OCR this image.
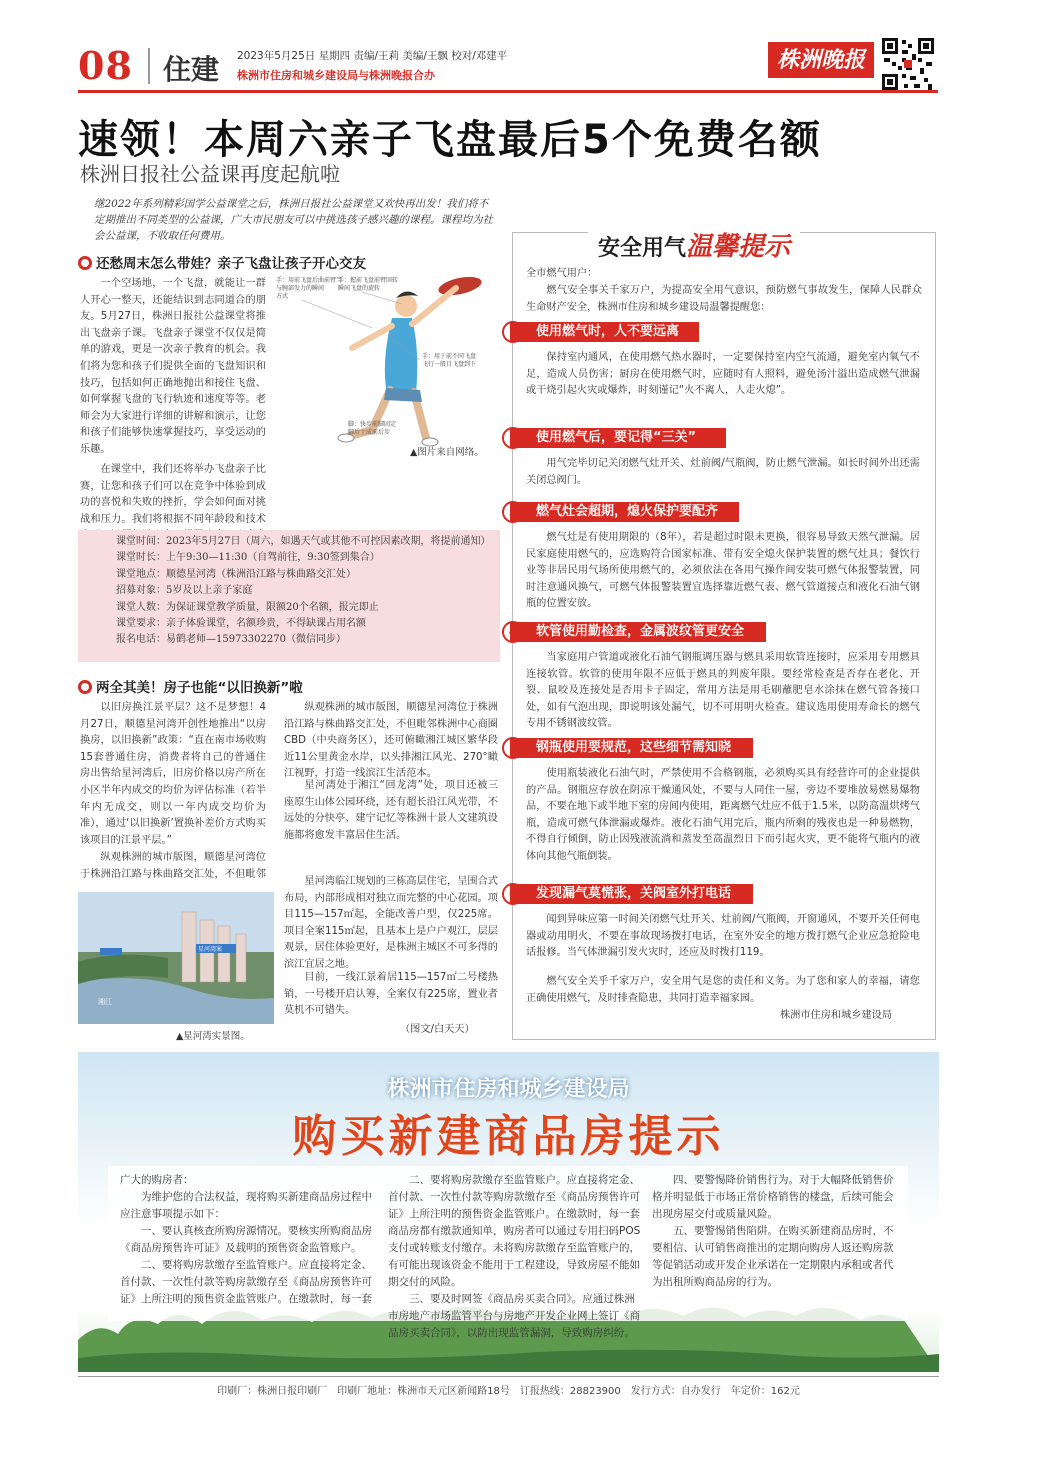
08 住建 2023年5月25日 星期四 责编/王莉 美编/王飘 校对/邓建平
株洲市住房和城乡建设局与株洲晚报合办
株洲晚报
速领！本周六亲子飞盘最后5个免费名额
株洲日报社公益课再度起航啦
继2022年系列精彩国学公益课堂之后，株洲日报社公益课堂又欢快再出发！我们将不定期推出不同类型的公益课，广大市民朋友可以中挑选孩子感兴趣的课程。课程均为社会公益课，不收取任何费用。
还愁周末怎么带娃？亲子飞盘让孩子开心交友
一个空场地，一个飞盘，就能让一群人开心一整天，还能结识到志同道合的朋友。5月27日，株洲日报社公益课堂将推出飞盘亲子课。飞盘亲子课堂不仅仅是简单的游戏，更是一次亲子教育的机会。我们将为您和孩子们提供全面的飞盘知识和技巧，包括如何正确地抛出和接住飞盘、如何掌握飞盘的飞行轨迹和速度等等。老师会为大家进行详细的讲解和演示，让您和孩子们能够快速掌握技巧，享受运动的乐趣。
在课堂中，我们还将举办飞盘亲子比赛，让您和孩子们可以在竞争中体验到成功的喜悦和失败的挫折，学会如何面对挑战和压力。我们将根据不同年龄段和技术
手：用前飞盘后曲前臂当
与腕部发力的瞬间
方式
手：握前飞盘前臂回转
瞬间飞盘的旋转
手：用于前不同飞盘
飞行一般目飞盘到下
脚：快步前脚固定
脚后士成前后步
▲图片来自网络。

课堂时间：2023年5月27日（周六，如遇天气或其他不可控因素改期，将提前通知）

课堂时长：上午9:30—11:30（自驾前往，9:30签到集合）

课堂地点：顺德星河湾（株洲沿江路与株曲路交汇处）

招募对象：5岁及以上亲子家庭

课堂人数：为保证课堂教学质量，限额20个名额，报完即止

课堂要求：亲子体验课堂，名额珍贵，不得缺课占用名额

报名电话：易鹤老师—15973302270（微信同步）

两全其美！房子也能“以旧换新”啦
以旧房换江景平层？这不是梦想！4月27日，顺德星河湾开创性地推出“以房换房，以旧换新”政策：“直在南市场收购15套普通住房，消费者将自己的普通住房出售给星河湾后，旧房价格以房产所在小区半年内成交的均价为评估标准（若半年内无成交，则以一年内成交均价为准），通过‘以旧换新’置换补差价方式购买该项目的江景平层。”
纵观株洲的城市版图，顺德星河湾位于株洲沿江路与株曲路交汇处，不但毗邻
纵观株洲的城市版图，顺德星河湾位于株洲沿江路与株曲路交汇处，不但毗邻株洲中心商圈CBD（中央商务区），还可俯瞰湘江城区繁华段近11公里黄金水岸，以头排湘江风光、270°瞰江视野，打造一线滨江生活范本。
星河湾处于湘江“回龙湾”处，项目还被三座原生山体公园环绕，还有超长沿江风光带，不远处的分快亭、建宁记忆等株洲十景人文建筑设施都将愈发丰富居住生活。
星河湾临江规划的三栋高层住宅，呈围合式布局，内部形成相对独立而完整的中心花园。项目115—157㎡起，全能改善户型，仅225席。项目全案115㎡起，且基本上是户户观江，层层观景，居住体验更好，是株洲主城区不可多得的滨江宜居之地。
目前，一线江景着居115—157㎡二号楼热销，一号楼开启认筹，全案仅有225席，置业者莫机不可错失。
（图文/白天天）
星河湾案
湘江
▲星河湾实景图。
安全用气温馨提示
全市燃气用户：
燃气安全事关千家万户，为提高安全用气意识，预防燃气事故发生，保障人民群众生命财产安全，株洲市住房和城乡建设局温馨提醒您：
使用燃气时，人不要远离
保持室内通风，在使用燃气热水器时，一定要保持室内空气流通，避免室内氧气不足，造成人员伤害；厨房在使用燃气时，应随时有人照料，避免汤汁溢出造成燃气泄漏或干烧引起火灾或爆炸，时刻谨记“火不离人，人走火熄”。
使用燃气后，要记得“三关”
用气完毕切记关闭燃气灶开关、灶前阀/气瓶阀，防止燃气泄漏。如长时间外出还需关闭总阀门。
燃气灶会超期，熄火保护要配齐
燃气灶是有使用期限的（8年），若是超过时限未更换，很容易导致天然气泄漏。居民家庭使用燃气的，应选购符合国家标准、带有安全熄火保护装置的燃气灶具；餐饮行业等非居民用气场所使用燃气的，必须依法在各用气操作间安装可燃气体报警装置，同时注意通风换气，可燃气体报警装置宜选择靠近燃气表、燃气管道接点和液化石油气钢瓶的位置安放。
软管使用勤检查，金属波纹管更安全
当家庭用户管道或液化石油气钢瓶调压器与燃具采用软管连接时，应采用专用燃具连接软管。软管的使用年限不应低于燃具的判废年限。要经常检查是否存在老化、开裂、鼠咬及连接处是否用卡子固定，常用方法是用毛刷蘸肥皂水涂抹在燃气管各接口处，如有气泡出现，即说明该处漏气，切不可用明火检查。建议选用使用寿命长的燃气专用不锈钢波纹管。
钢瓶使用要规范，这些细节需知晓
使用瓶装液化石油气时，严禁使用不合格钢瓶，必须购买具有经营许可的企业提供的产品。钢瓶应存放在阴凉干燥通风处，不要与人同住一屋，旁边不要堆放易燃易爆物品，不要在地下或半地下室的房间内使用，距离燃气灶应不低于1.5米，以防高温烘烤气瓶，造成可燃气体泄漏或爆炸。液化石油气用完后，瓶内所剩的残夜也是一种易燃物，不得自行倾倒，防止因残液流淌和蒸发至高温烈日下而引起火灾，更不能将气瓶内的液体向其他气瓶倒装。
发现漏气莫慌张，关阀室外打电话
闻到异味应第一时间关闭燃气灶开关、灶前阀/气瓶阀，开窗通风，不要开关任何电器或动用明火，不要在事故现场拨打电话，在室外安全的地方拨打燃气企业应急抢险电话报修。当气体泄漏引发火灾时，还应及时拨打119。
燃气安全关乎千家万户，安全用气是您的责任和义务。为了您和家人的幸福，请您正确使用燃气，及时排查隐患，共同打造幸福家园。
株洲市住房和城乡建设局
株洲市住房和城乡建设局
购买新建商品房提示

广大的购房者：

为维护您的合法权益，现将购买新建商品房过程中应注意事项提示如下：

一、要认真核查所购房源情况。要核实所购商品房《商品房预售许可证》及载明的预售资金监管账户。

二、要将购房款缴存至监管账户。应直接将定金、首付款、一次性付款等购房款缴存至《商品房预售许可证》上所注明的预售资金监管账户。在缴款时，每一套

二、要将购房款缴存至监管账户。应直接将定金、首付款、一次性付款等购房款缴存至《商品房预售许可证》上所注明的预售资金监管账户。在缴款时，每一套商品房都有缴款通知单，购房者可以通过专用扫码POS支付或转账支付缴存。未将购房款缴存至监管账户的，有可能出现该资金不能用于工程建设，导致房屋不能如期交付的风险。

三、要及时网签《商品房买卖合同》。应通过株洲市房地产市场监管平台与房地产开发企业网上签订《商品房买卖合同》，以防出现监管漏洞，导致购房纠纷。

四、要警惕降价销售行为。对于大幅降低销售价格并明显低于市场正常价格销售的楼盘，后续可能会出现房屋交付或质量风险。

五、要警惕销售陷阱。在购买新建商品房时，不要相信、认可销售商推出的定期向购房人返还购房款等促销活动或开发企业承诺在一定期限内承租或者代为出租所购商品房的行为。

印刷厂：株洲日报印刷厂　印刷厂地址：株洲市天元区新闻路18号　订报热线：28823900　发行方式：自办发行　年定价：162元
